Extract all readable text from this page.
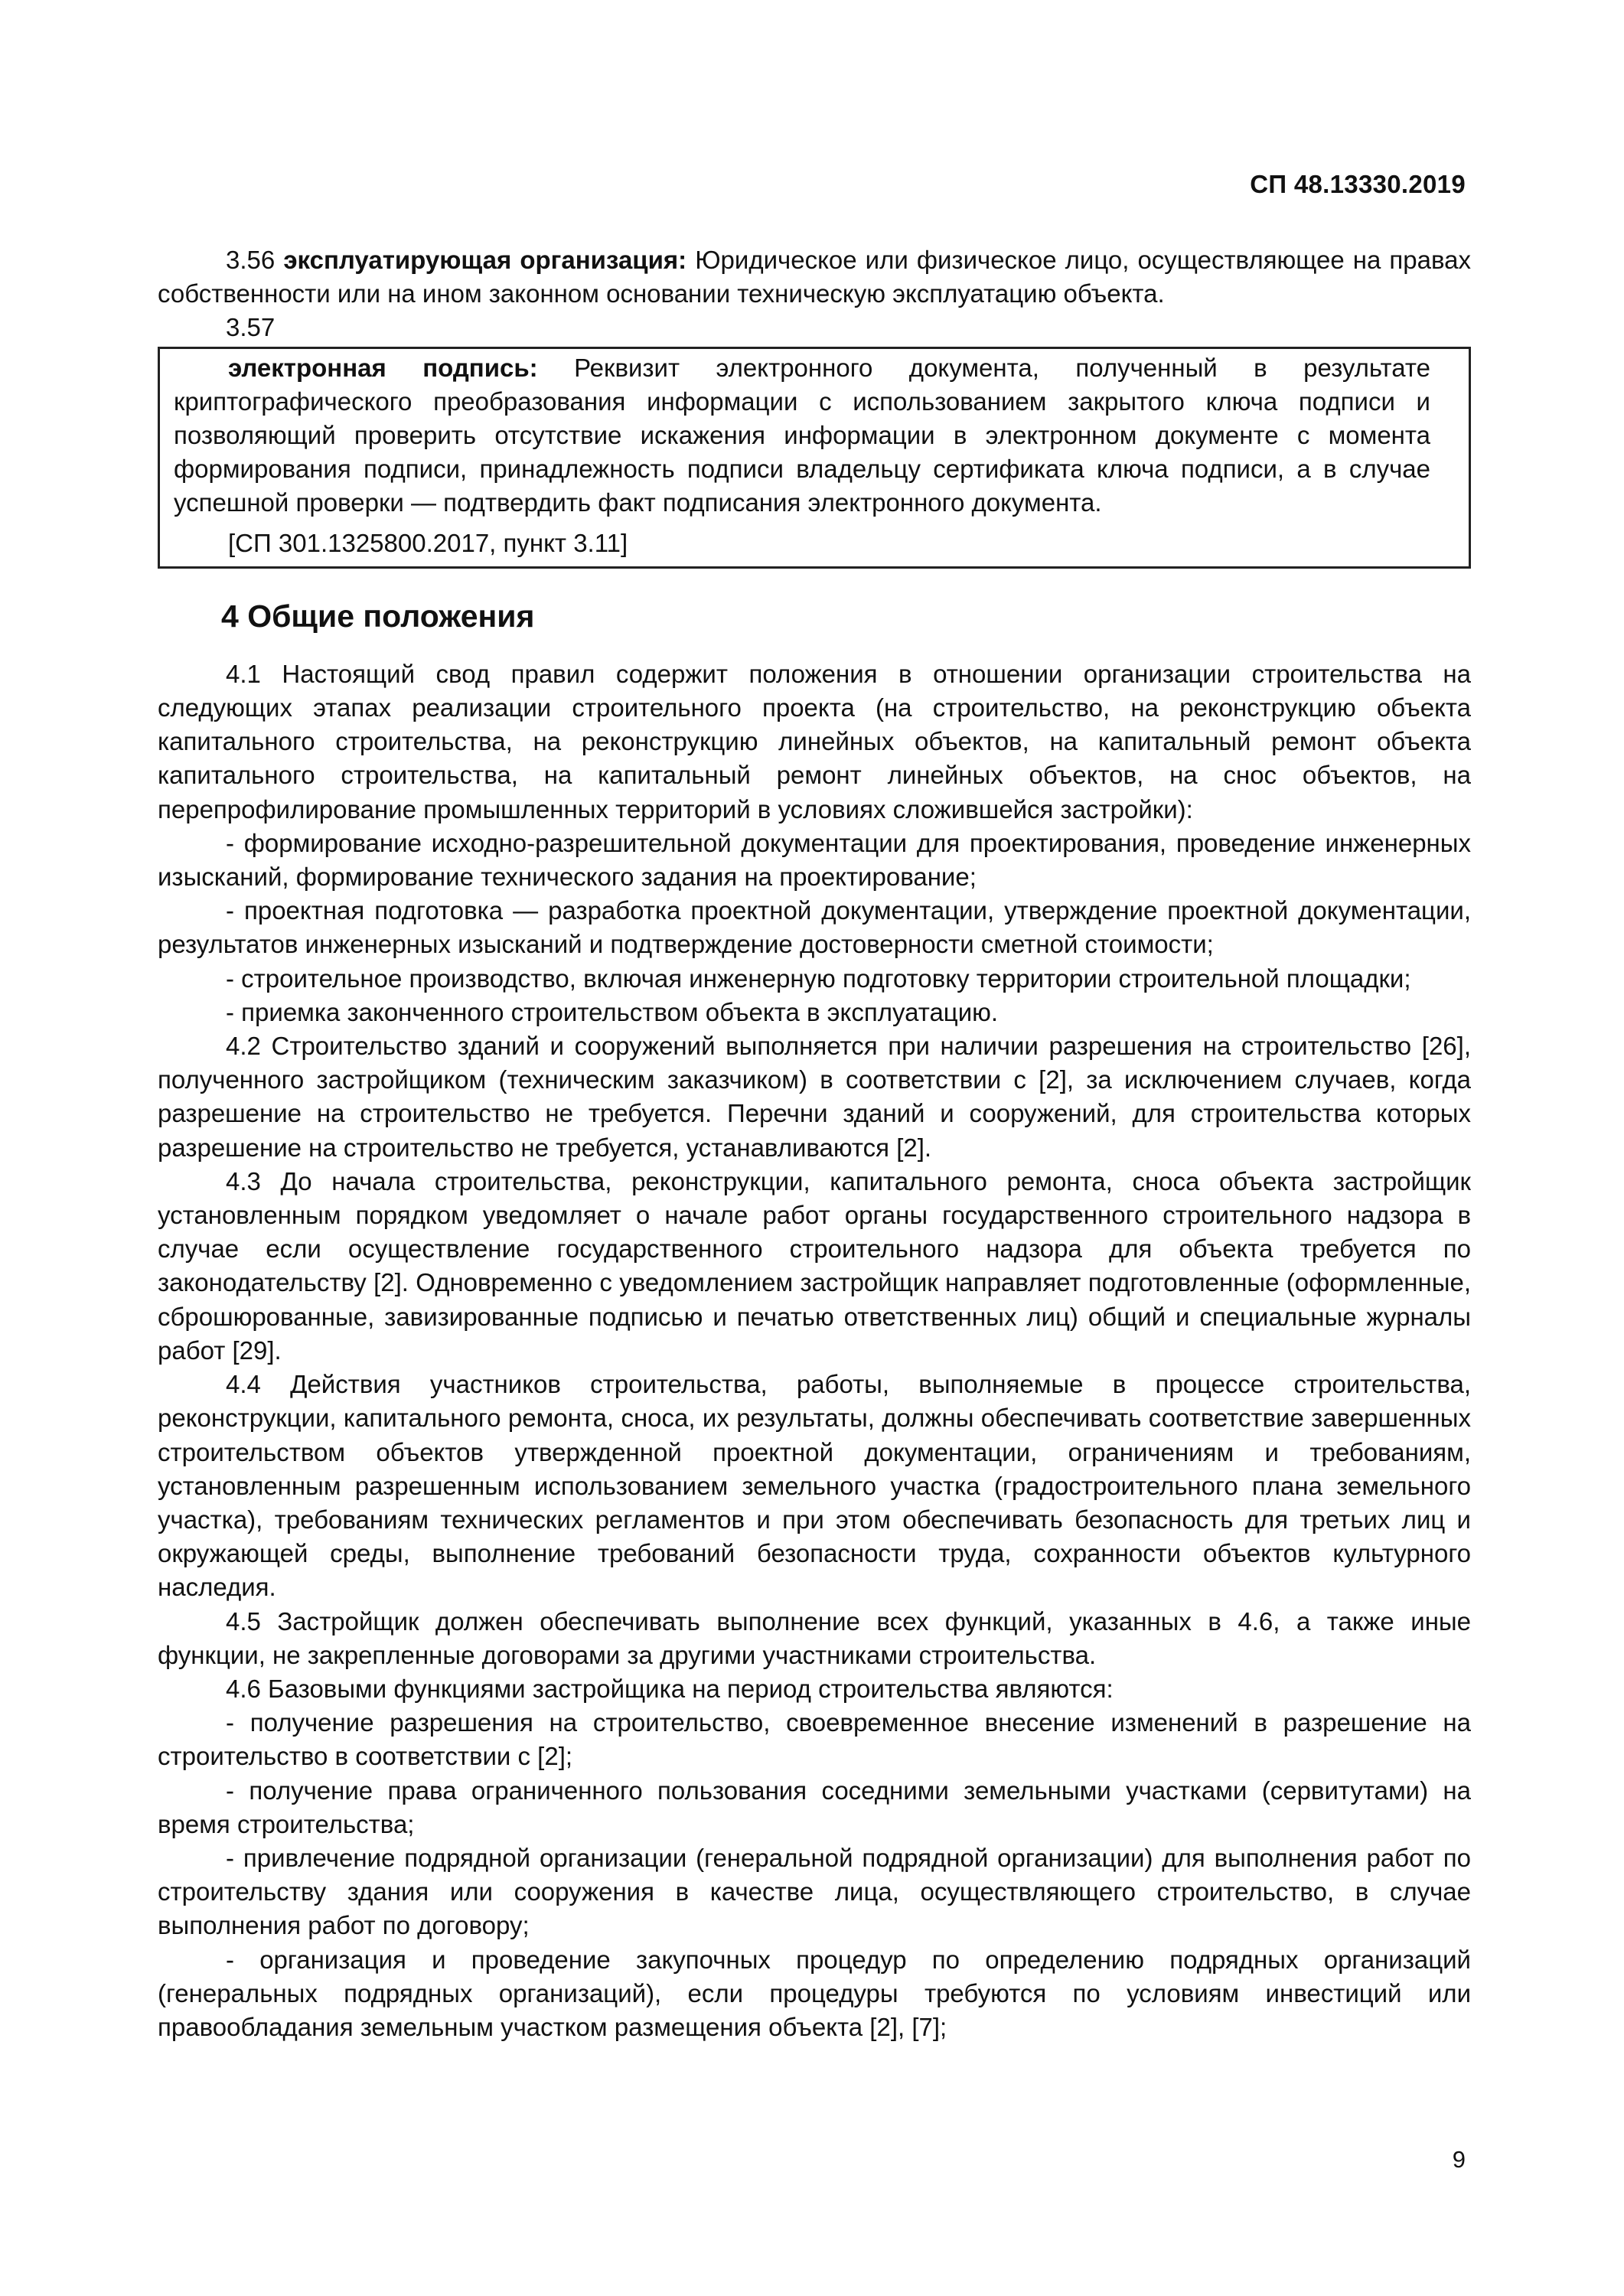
СП 48.13330.2019

3.56 эксплуатирующая организация: Юридическое или физическое лицо, осуществляющее на правах собственности или на ином законном основании техническую эксплуатацию объекта.

3.57

электронная подпись: Реквизит электронного документа, полученный в результате криптографического преобразования информации с использованием закрытого ключа подписи и позволяющий проверить отсутствие искажения информации в электронном документе с момента формирования подписи, принадлежность подписи владельцу сертификата ключа подписи, а в случае успешной проверки — подтвердить факт подписания электронного документа.

[СП 301.1325800.2017, пункт 3.11]

4 Общие положения

4.1 Настоящий свод правил содержит положения в отношении организации строительства на следующих этапах реализации строительного проекта (на строительство, на реконструкцию объекта капитального строительства, на реконструкцию линейных объектов, на капитальный ремонт объекта капитального строительства, на капитальный ремонт линейных объектов, на снос объектов, на перепрофилирование промышленных территорий в условиях сложившейся застройки):

- формирование исходно-разрешительной документации для проектирования, проведение инженерных изысканий, формирование технического задания на проектирование;

- проектная подготовка — разработка проектной документации, утверждение проектной документации, результатов инженерных изысканий и подтверждение достоверности сметной стоимости;

- строительное производство, включая инженерную подготовку территории строительной площадки;

- приемка законченного строительством объекта в эксплуатацию.

4.2 Строительство зданий и сооружений выполняется при наличии разрешения на строительство [26], полученного застройщиком (техническим заказчиком) в соответствии с [2], за исключением случаев, когда разрешение на строительство не требуется. Перечни зданий и сооружений, для строительства которых разрешение на строительство не требуется, устанавливаются [2].

4.3 До начала строительства, реконструкции, капитального ремонта, сноса объекта застройщик установленным порядком уведомляет о начале работ органы государственного строительного надзора в случае если осуществление государственного строительного надзора для объекта требуется по законодательству [2]. Одновременно с уведомлением застройщик направляет подготовленные (оформленные, сброшюрованные, завизированные подписью и печатью ответственных лиц) общий и специальные журналы работ [29].

4.4 Действия участников строительства, работы, выполняемые в процессе строительства, реконструкции, капитального ремонта, сноса, их результаты, должны обеспечивать соответствие завершенных строительством объектов утвержденной проектной документации, ограничениям и требованиям, установленным разрешенным использованием земельного участка (градостроительного плана земельного участка), требованиям технических регламентов и при этом обеспечивать безопасность для третьих лиц и окружающей среды, выполнение требований безопасности труда, сохранности объектов культурного наследия.

4.5 Застройщик должен обеспечивать выполнение всех функций, указанных в 4.6, а также иные функции, не закрепленные договорами за другими участниками строительства.

4.6 Базовыми функциями застройщика на период строительства являются:

- получение разрешения на строительство, своевременное внесение изменений в разрешение на строительство в соответствии с [2];

- получение права ограниченного пользования соседними земельными участками (сервитутами) на время строительства;

- привлечение подрядной организации (генеральной подрядной организации) для выполнения работ по строительству здания или сооружения в качестве лица, осуществляющего строительство, в случае выполнения работ по договору;

- организация и проведение закупочных процедур по определению подрядных организаций (генеральных подрядных организаций), если процедуры требуются по условиям инвестиций или правообладания земельным участком размещения объекта [2], [7];

9
